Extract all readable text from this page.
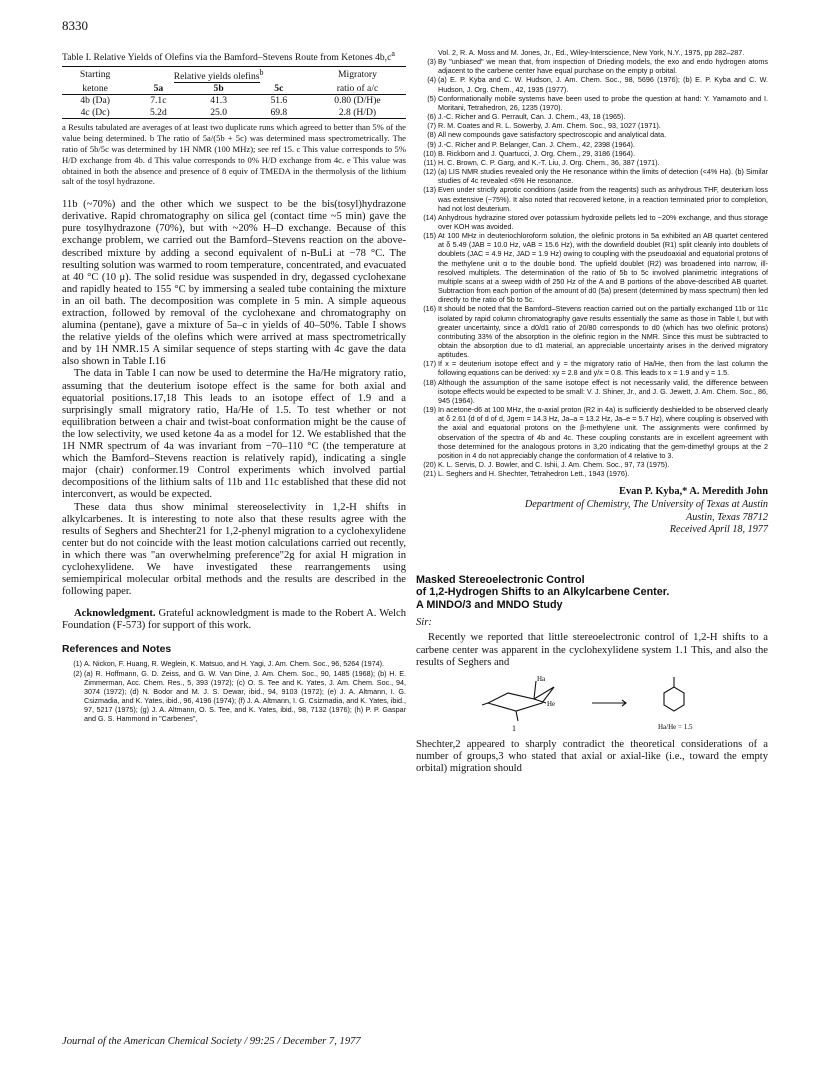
8330

Table I. Relative Yields of Olefins via the Bamford–Stevens Route from Ketones $4b,c^a$

Starting	Relative yields olefins$^b$			Migratory
ketone	5a	5b	5c	ratio of a/c
4b (Da)	7.1c	41.3	51.6	0.80 (D/H)e
4c (Dc)	5.2d	25.0	69.8	2.8 (H/D)

a Results tabulated are averages of at least two duplicate runs which agreed to better than 5% of the value being determined. b The ratio of 5a/(5b + 5c) was determined mass spectrometrically. The ratio of 5b/5c was determined by 1H NMR (100 MHz); see ref 15. c This value corresponds to 5% H/D exchange from 4b. d This value corresponds to 0% H/D exchange from 4c. e This value was obtained in both the absence and presence of 8 equiv of TMEDA in the thermolysis of the lithium salt of the tosyl hydrazone.

11b (~70%) and the other which we suspect to be the bis(tosyl)hydrazone derivative. Rapid chromatography on silica gel (contact time ~5 min) gave the pure tosylhydrazone (70%), but with ~20% H–D exchange. Because of this exchange problem, we carried out the Bamford–Stevens reaction on the above-described mixture by adding a second equivalent of n-BuLi at −78 °C. The resulting solution was warmed to room temperature, concentrated, and evacuated at 40 °C (10 μ). The solid residue was suspended in dry, degassed cyclohexane and rapidly heated to 155 °C by immersing a sealed tube containing the mixture in an oil bath. The decomposition was complete in 5 min. A simple aqueous extraction, followed by removal of the cyclohexane and chromatography on alumina (pentane), gave a mixture of 5a–c in yields of 40–50%. Table I shows the relative yields of the olefins which were arrived at mass spectrometrically and by 1H NMR.15 A similar sequence of steps starting with 4c gave the data also shown in Table I.16

The data in Table I can now be used to determine the Ha/He migratory ratio, assuming that the deuterium isotope effect is the same for both axial and equatorial positions.17,18 This leads to an isotope effect of 1.9 and a surprisingly small migratory ratio, Ha/He of 1.5. To test whether or not equilibration between a chair and twist-boat conformation might be the cause of the low selectivity, we used ketone 4a as a model for 12. We established that the 1H NMR spectrum of 4a was invariant from −70–110 °C (the temperature at which the Bamford–Stevens reaction is relatively rapid), indicating a single major (chair) conformer.19 Control experiments which involved partial decompositions of the lithium salts of 11b and 11c established that these did not interconvert, as would be expected.

These data thus show minimal stereoselectivity in 1,2-H shifts in alkylcarbenes. It is interesting to note also that these results agree with the results of Seghers and Shechter21 for 1,2-phenyl migration to a cyclohexylidene center but do not coincide with the least motion calculations carried out recently, in which there was "an overwhelming preference"2g for axial H migration in cyclohexylidene. We have investigated these rearrangements using semiempirical molecular orbital methods and the results are described in the following paper.

Acknowledgment. Grateful acknowledgment is made to the Robert A. Welch Foundation (F-573) for support of this work.

References and Notes
(1) A. Nickon, F. Huang, R. Weglein, K. Matsuo, and H. Yagi, J. Am. Chem. Soc., 96, 5264 (1974).
(2) (a) R. Hoffmann, G. D. Zeiss, and G. W. Van Dine, J. Am. Chem. Soc., 90, 1485 (1968); (b) H. E. Zimmerman, Acc. Chem. Res., 5, 393 (1972); (c) O. S. Tee and K. Yates, J. Am. Chem. Soc., 94, 3074 (1972); (d) N. Bodor and M. J. S. Dewar, ibid., 94, 9103 (1972); (e) J. A. Altmann, I. G. Csizmadia, and K. Yates, ibid., 96, 4196 (1974); (f) J. A. Altmann, I. G. Csizmadia, and K. Yates, ibid., 97, 5217 (1975); (g) J. A. Altmann, O. S. Tee, and K. Yates, ibid., 98, 7132 (1976); (h) P. P. Gaspar and G. S. Hammond in "Carbenes",
Vol. 2, R. A. Moss and M. Jones, Jr., Ed., Wiley-Interscience, New York, N.Y., 1975, pp 282–287.
(3) By "unbiased" we mean that, from inspection of Drieding models, the exo and endo hydrogen atoms adjacent to the carbene center have equal purchase on the empty p orbital.
(4) (a) E. P. Kyba and C. W. Hudson, J. Am. Chem. Soc., 98, 5696 (1976); (b) E. P. Kyba and C. W. Hudson, J. Org. Chem., 42, 1935 (1977).
(5) Conformationally mobile systems have been used to probe the question at hand: Y. Yamamoto and I. Moritani, Tetrahedron, 26, 1235 (1970).
(6) J.-C. Richer and G. Perrault, Can. J. Chem., 43, 18 (1965).
(7) R. M. Coates and R. L. Sowerby, J. Am. Chem. Soc., 93, 1027 (1971).
(8) All new compounds gave satisfactory spectroscopic and analytical data.
(9) J.-C. Richer and P. Belanger, Can. J. Chem., 42, 2398 (1964).
(10) B. Rickborn and J. Quartucci, J. Org. Chem., 29, 3186 (1964).
(11) H. C. Brown, C. P. Garg, and K.-T. Liu, J. Org. Chem., 36, 387 (1971).
(12) (a) LIS NMR studies revealed only the He resonance within the limits of detection (<4% Ha). (b) Similar studies of 4c revealed <6% He resonance.
(13) Even under strictly aprotic conditions (aside from the reagents) such as anhydrous THF, deuterium loss was extensive (~75%). It also noted that recovered ketone, in a reaction terminated prior to completion, had not lost deuterium.
(14) Anhydrous hydrazine stored over potassium hydroxide pellets led to ~20% exchange, and thus storage over KOH was avoided.
(15) At 100 MHz in deuteriochloroform solution, the olefinic protons in 5a exhibited an AB quartet centered at δ 5.49 (JAB = 10.0 Hz, νAB = 15.6 Hz), with the downfield doublet (R1) split cleanly into doublets of doublets (JAC = 4.9 Hz, JAD = 1.9 Hz) owing to coupling with the pseudoaxial and equatorial protons of the methylene unit α to the double bond. The upfield doublet (R2) was broadened into narrow, ill-resolved multiplets. The determination of the ratio of 5b to 5c involved planimetric integrations of multiple scans at a sweep width of 250 Hz of the A and B portions of the above-described AB quartet. Subtraction from each portion of the amount of d0 (5a) present (determined by mass spectrum) then led directly to the ratio of 5b to 5c.
(16) It should be noted that the Bamford–Stevens reaction carried out on the partially exchanged 11b or 11c isolated by rapid column chromatography gave results essentially the same as those in Table I, but with greater uncertainty, since a d0/d1 ratio of 20/80 corresponds to d0 (which has two olefinic protons) contributing 33% of the absorption in the olefinic region in the NMR. Since this must be subtracted to obtain the absorption due to d1 material, an appreciable uncertainty arises in the derived migratory aptitudes.
(17) If x = deuterium isotope effect and y = the migratory ratio of Ha/He, then from the last column the following equations can be derived: xy = 2.8 and y/x = 0.8. This leads to x = 1.9 and y = 1.5.
(18) Although the assumption of the same isotope effect is not necessarily valid, the difference between isotope effects would be expected to be small: V. J. Shiner, Jr., and J. G. Jewett, J. Am. Chem. Soc., 86, 945 (1964).
(19) In acetone-d6 at 100 MHz, the α-axial proton (R2 in 4a) is sufficiently deshielded to be observed clearly at δ 2.61 (d of d of d, Jgem = 14.3 Hz, Ja–a = 13.2 Hz, Ja–e = 5.7 Hz), where coupling is observed with the axial and equatorial protons on the β-methylene unit. The assignments were confirmed by observation of the spectra of 4b and 4c. These coupling constants are in excellent agreement with those determined for the analogous protons in 3,20 indicating that the gem-dimethyl groups at the 2 position in 4 do not appreciably change the conformation of 4 relative to 3.
(20) K. L. Servis, D. J. Bowler, and C. Ishii, J. Am. Chem. Soc., 97, 73 (1975).
(21) L. Seghers and H. Shechter, Tetrahedron Lett., 1943 (1976).
Evan P. Kyba,* A. Meredith John

Department of Chemistry, The University of Texas at Austin

Austin, Texas 78712

Received April 18, 1977

Masked Stereoelectronic Control

of 1,2-Hydrogen Shifts to an Alkylcarbene Center.

A MINDO/3 and MNDO Study

Sir:

Recently we reported that little stereoelectronic control of 1,2-H shifts to a carbene center was apparent in the cyclohexylidene system 1.1 This, and also the results of Seghers and

1
Ha
He
Ha/He = 1.5

Shechter,2 appeared to sharply contradict the theoretical considerations of a number of groups,3 who stated that axial or axial-like (i.e., toward the empty orbital) migration should

Journal of the American Chemical Society / 99:25 / December 7, 1977
